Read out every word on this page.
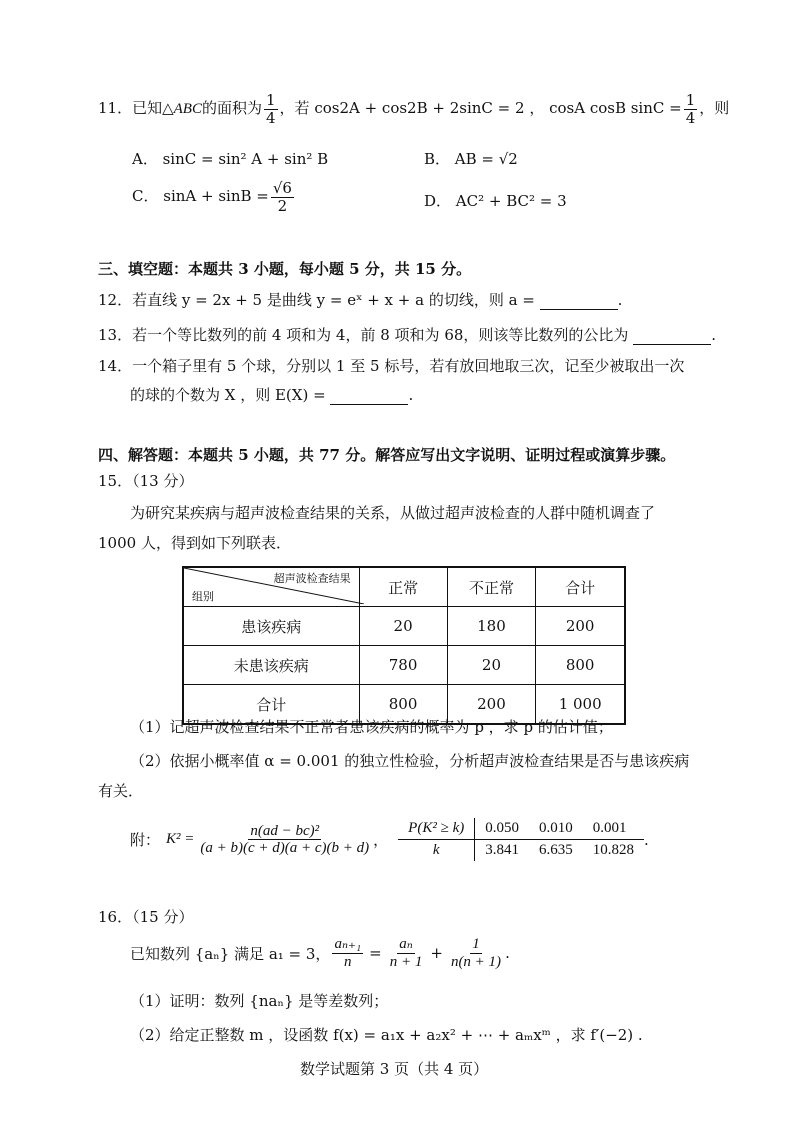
11．已知△ABC的面积为 $\frac{1}{4}$ ，若 cos2A + cos2B + 2sinC = 2 ， cosA cosB $\sin C = \frac{1}{4}$ ，则
A． sinC = sin² A + sin² B	B． AB = √2
C． $\sin A + \sin B = \frac{√6}{2}$	D． AC² + BC² = 3
三、填空题：本题共 3 小题，每小题 5 分，共 15 分。
12．若直线 y = 2x + 5 是曲线 y = eˣ + x + a 的切线，则 a =	.
13．若一个等比数列的前 4 项和为 4，前 8 项和为 68，则该等比数列的公比为	.
14．一个箱子里有 5 个球，分别以 1 至 5 标号，若有放回地取三次，记至少被取出一次
的球的个数为 X ，则 E(X) =	.
四、解答题：本题共 5 小题，共 77 分。解答应写出文字说明、证明过程或演算步骤。
15．（13 分）
为研究某疾病与超声波检查结果的关系，从做过超声波检查的人群中随机调查了
1000 人，得到如下列联表．
超声波检查结果
组别	正常	不正常	合计
患该疾病	20	180	200
未患该疾病	780	20	800
合计	800	200	1 000
（1）记超声波检查结果不正常者患该疾病的概率为 p ，求 p 的估计值；
（2）依据小概率值 α = 0.001 的独立性检验，分析超声波检查结果是否与患该疾病
有关．
附： $K^2 = \frac{\text{n(ad − bc)²}}{(a + b)(c + d)(a + c)(b + d)}$ ，
P(K² ≥ k)	0.050	0.010	0.001
k	3.841	6.635	10.828
.
16．（15 分）
已知数列 {aₙ} 满足 a₁ = 3， $\frac{\text{aₙ₊₁}}{n} = \frac{\text{aₙ}}{n + 1} + \frac{1}{n(n + 1)}$ .
（1）证明：数列 {naₙ} 是等差数列；
（2）给定正整数 m ，设函数 f(x) = a₁x + a₂x² + ⋯ + aₘxᵐ ，求 f′(−2) .
数学试题第 3 页（共 4 页）
